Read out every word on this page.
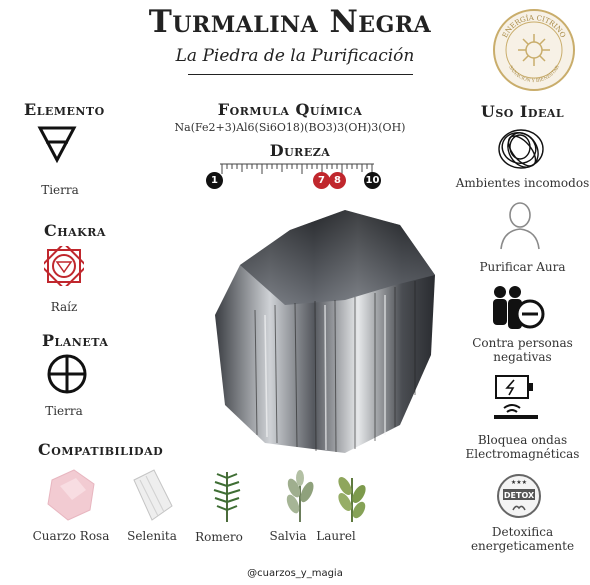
Turmalina Negra
La Piedra de la Purificación
ENERGÍA CITRINO
SANACIÓN Y BIENESTAR
Elemento
Tierra
Chakra
Raíz
Planeta
Tierra
Formula Química
Na(Fe2+3)Al6(Si6O18)(BO3)3(OH)3(OH)
Dureza
1	7 8	10
Uso Ideal
Ambientes incomodos
Purificar Aura
Contra personas negativas
Bloquea ondas Electromagnéticas
★★★
DETOX
Detoxifica energeticamente
Compatibilidad
Cuarzo Rosa	Selenita	Romero	Salvia Laurel
@cuarzos_y_magia
